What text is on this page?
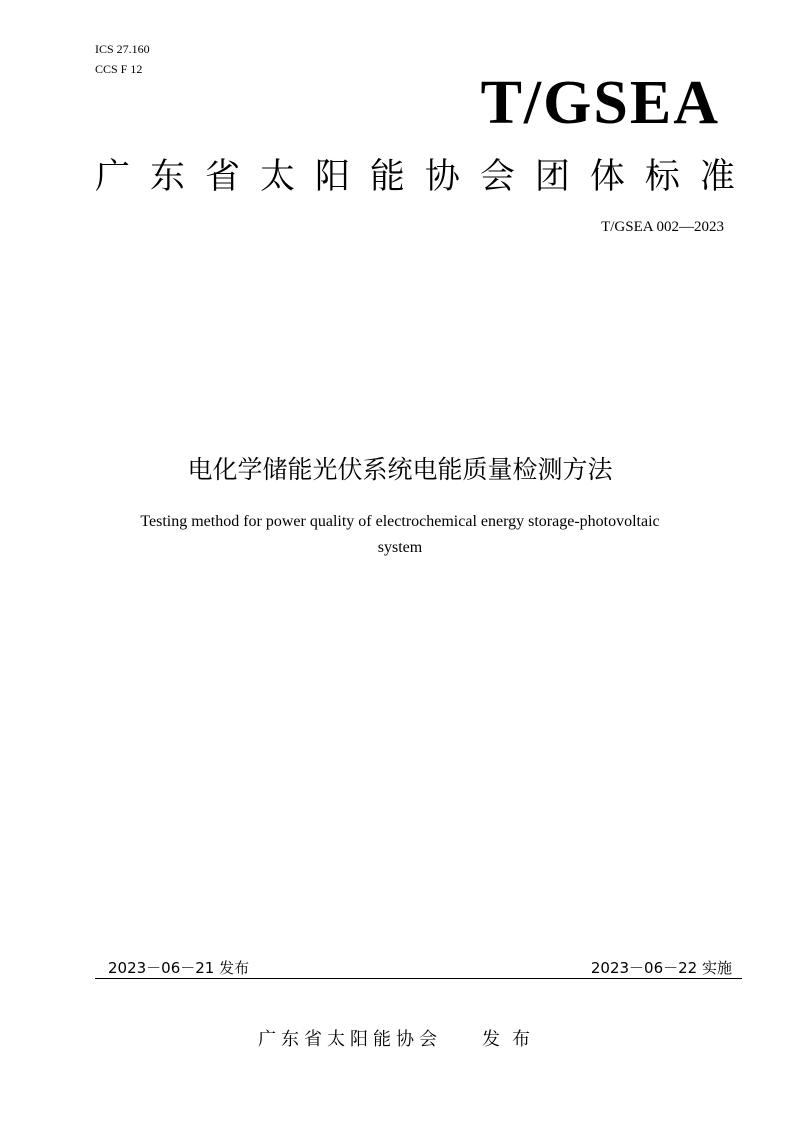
ICS 27.160
CCS F 12	T/GSEA
广 东 省 太 阳 能 协 会 团 体 标 准
T/GSEA 002—2023
电化学储能光伏系统电能质量检测方法
Testing method for power quality of electrochemical energy storage-photovoltaic
system
2023－06－21 发布	2023－06－22 实施
广东省太阳能协会 发布
